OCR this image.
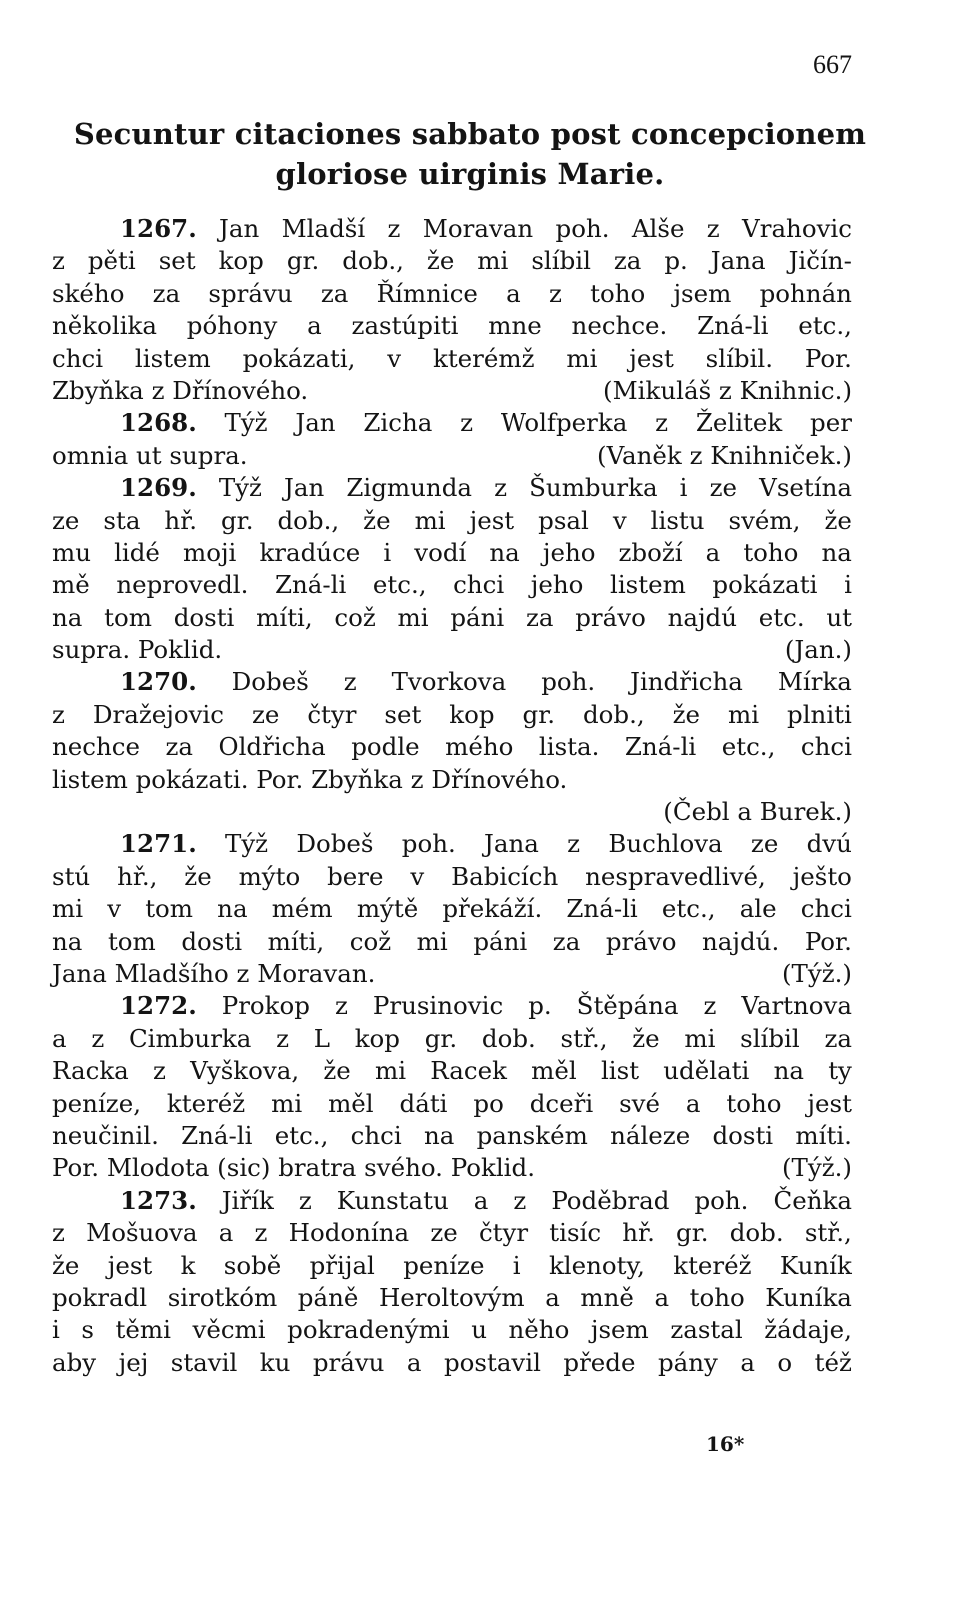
667
Secuntur citaciones sabbato post concepcionem
gloriose uirginis Marie.
1267. Jan Mladší z Moravan poh. Alše z Vrahovic
z pěti set kop gr. dob., že mi slíbil za p. Jana Jičín-
ského za správu za Římnice a z toho jsem pohnán
několika póhony a zastúpiti mne nechce. Zná-li etc.,
chci listem pokázati, v kterémž mi jest slíbil. Por.
Zbyňka z Dřínového.	(Mikuláš z Knihnic.)
1268. Týž Jan Zicha z Wolfperka z Želitek per
omnia ut supra.	(Vaněk z Knihniček.)
1269. Týž Jan Zigmunda z Šumburka i ze Vsetína
ze sta hř. gr. dob., že mi jest psal v listu svém, že
mu lidé moji kradúce i vodí na jeho zboží a toho na
mě neprovedl. Zná-li etc., chci jeho listem pokázati i
na tom dosti míti, což mi páni za právo najdú etc. ut
supra. Poklid.	(Jan.)
1270. Dobeš z Tvorkova poh. Jindřicha Mírka
z Dražejovic ze čtyr set kop gr. dob., že mi plniti
nechce za Oldřicha podle mého lista. Zná-li etc., chci
listem pokázati. Por. Zbyňka z Dřínového.
(Čebl a Burek.)
1271. Týž Dobeš poh. Jana z Buchlova ze dvú
stú hř., že mýto bere v Babicích nespravedlivé, ješto
mi v tom na mém mýtě překáží. Zná-li etc., ale chci
na tom dosti míti, což mi páni za právo najdú. Por.
Jana Mladšího z Moravan.	(Týž.)
1272. Prokop z Prusinovic p. Štěpána z Vartnova
a z Cimburka z L kop gr. dob. stř., že mi slíbil za
Racka z Vyškova, že mi Racek měl list udělati na ty
peníze, kteréž mi měl dáti po dceři své a toho jest
neučinil. Zná-li etc., chci na panském náleze dosti míti.
Por. Mlodota (sic) bratra svého. Poklid.	(Týž.)
1273. Jiřík z Kunstatu a z Poděbrad poh. Čeňka
z Mošuova a z Hodonína ze čtyr tisíc hř. gr. dob. stř.,
že jest k sobě přijal peníze i klenoty, kteréž Kuník
pokradl sirotkóm páně Heroltovým a mně a toho Kuníka
i s těmi věcmi pokradenými u něho jsem zastal žádaje,
aby jej stavil ku právu a postavil přede pány a o též
16*
